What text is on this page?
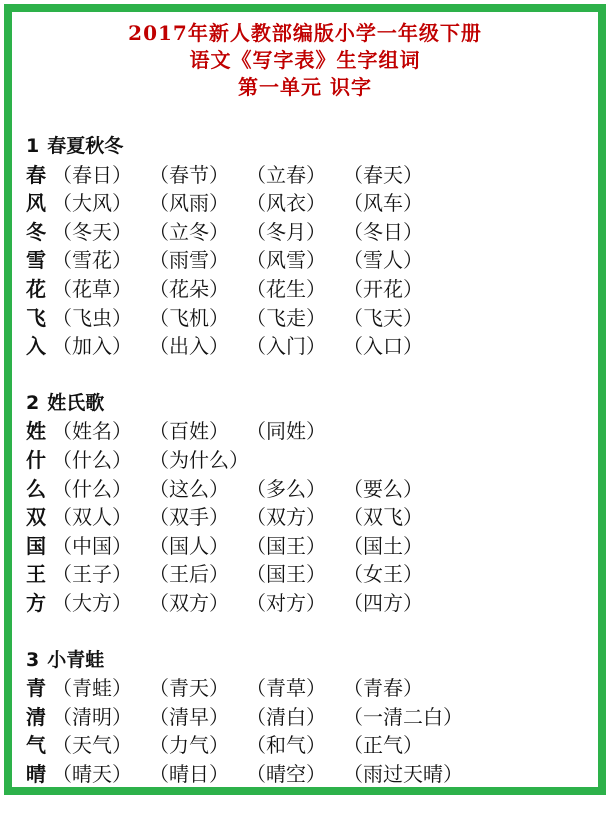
2017年新人教部编版小学一年级下册
语文《写字表》生字组词
第一单元 识字
1 春夏秋冬
春 （春日） （春节） （立春） （春天）
风 （大风） （风雨） （风衣） （风车）
冬 （冬天） （立冬） （冬月） （冬日）
雪 （雪花） （雨雪） （风雪） （雪人）
花 （花草） （花朵） （花生） （开花）
飞 （飞虫） （飞机） （飞走） （飞天）
入 （加入） （出入） （入门） （入口）
2 姓氏歌
姓 （姓名） （百姓） （同姓）
什 （什么） （为什么）
么 （什么） （这么） （多么） （要么）
双 （双人） （双手） （双方） （双飞）
国 （中国） （国人） （国王） （国土）
王 （王子） （王后） （国王） （女王）
方 （大方） （双方） （对方） （四方）
3 小青蛙
青 （青蛙） （青天） （青草） （青春）
清 （清明） （清早） （清白） （一清二白）
气 （天气） （力气） （和气） （正气）
晴 （晴天） （晴日） （晴空） （雨过天晴）
